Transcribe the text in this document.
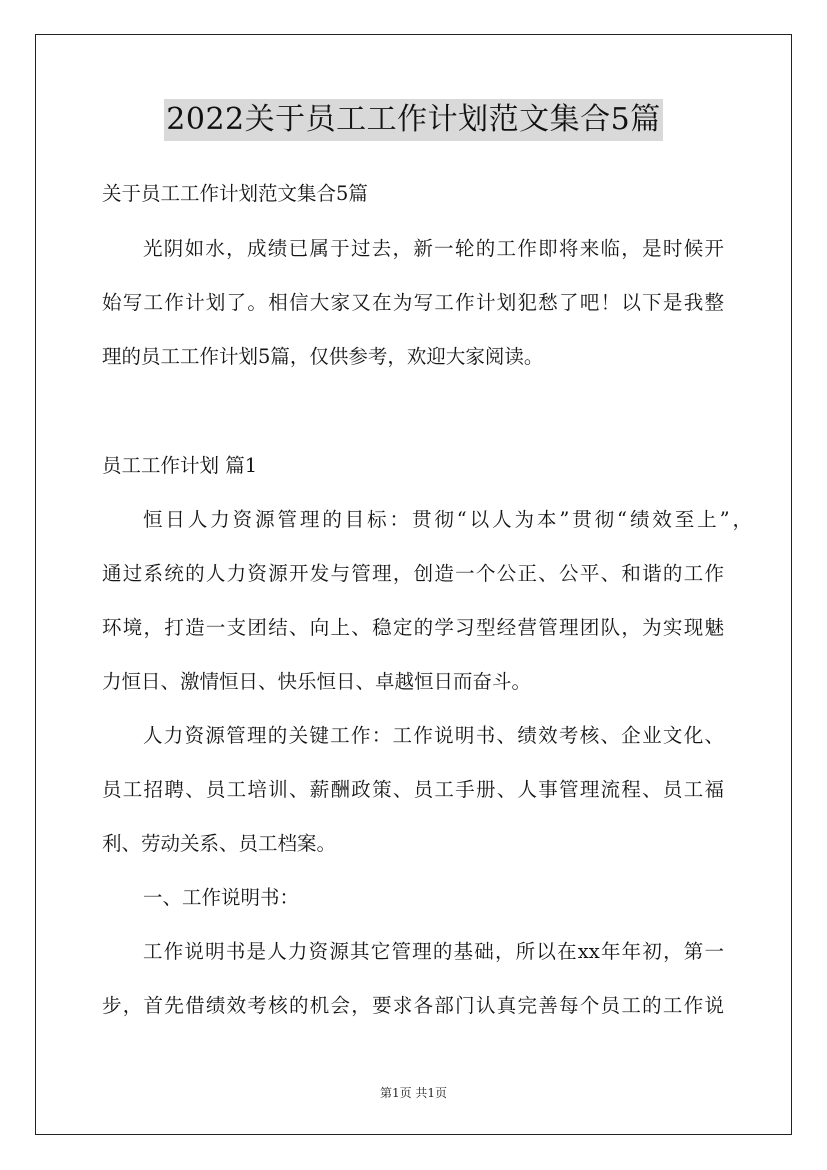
2022关于员工工作计划范文集合5篇
关于员工工作计划范文集合5篇
光阴如水，成绩已属于过去，新一轮的工作即将来临，是时候开
始写工作计划了。相信大家又在为写工作计划犯愁了吧！以下是我整
理的员工工作计划5篇，仅供参考，欢迎大家阅读。
员工工作计划 篇1
恒日人力资源管理的目标：贯彻“以人为本”贯彻“绩效至上”，
通过系统的人力资源开发与管理，创造一个公正、公平、和谐的工作
环境，打造一支团结、向上、稳定的学习型经营管理团队，为实现魅
力恒日、激情恒日、快乐恒日、卓越恒日而奋斗。
人力资源管理的关键工作：工作说明书、绩效考核、企业文化、
员工招聘、员工培训、薪酬政策、员工手册、人事管理流程、员工福
利、劳动关系、员工档案。
一、工作说明书：
工作说明书是人力资源其它管理的基础，所以在xx年年初，第一
步，首先借绩效考核的机会，要求各部门认真完善每个员工的工作说
第1页 共1页
